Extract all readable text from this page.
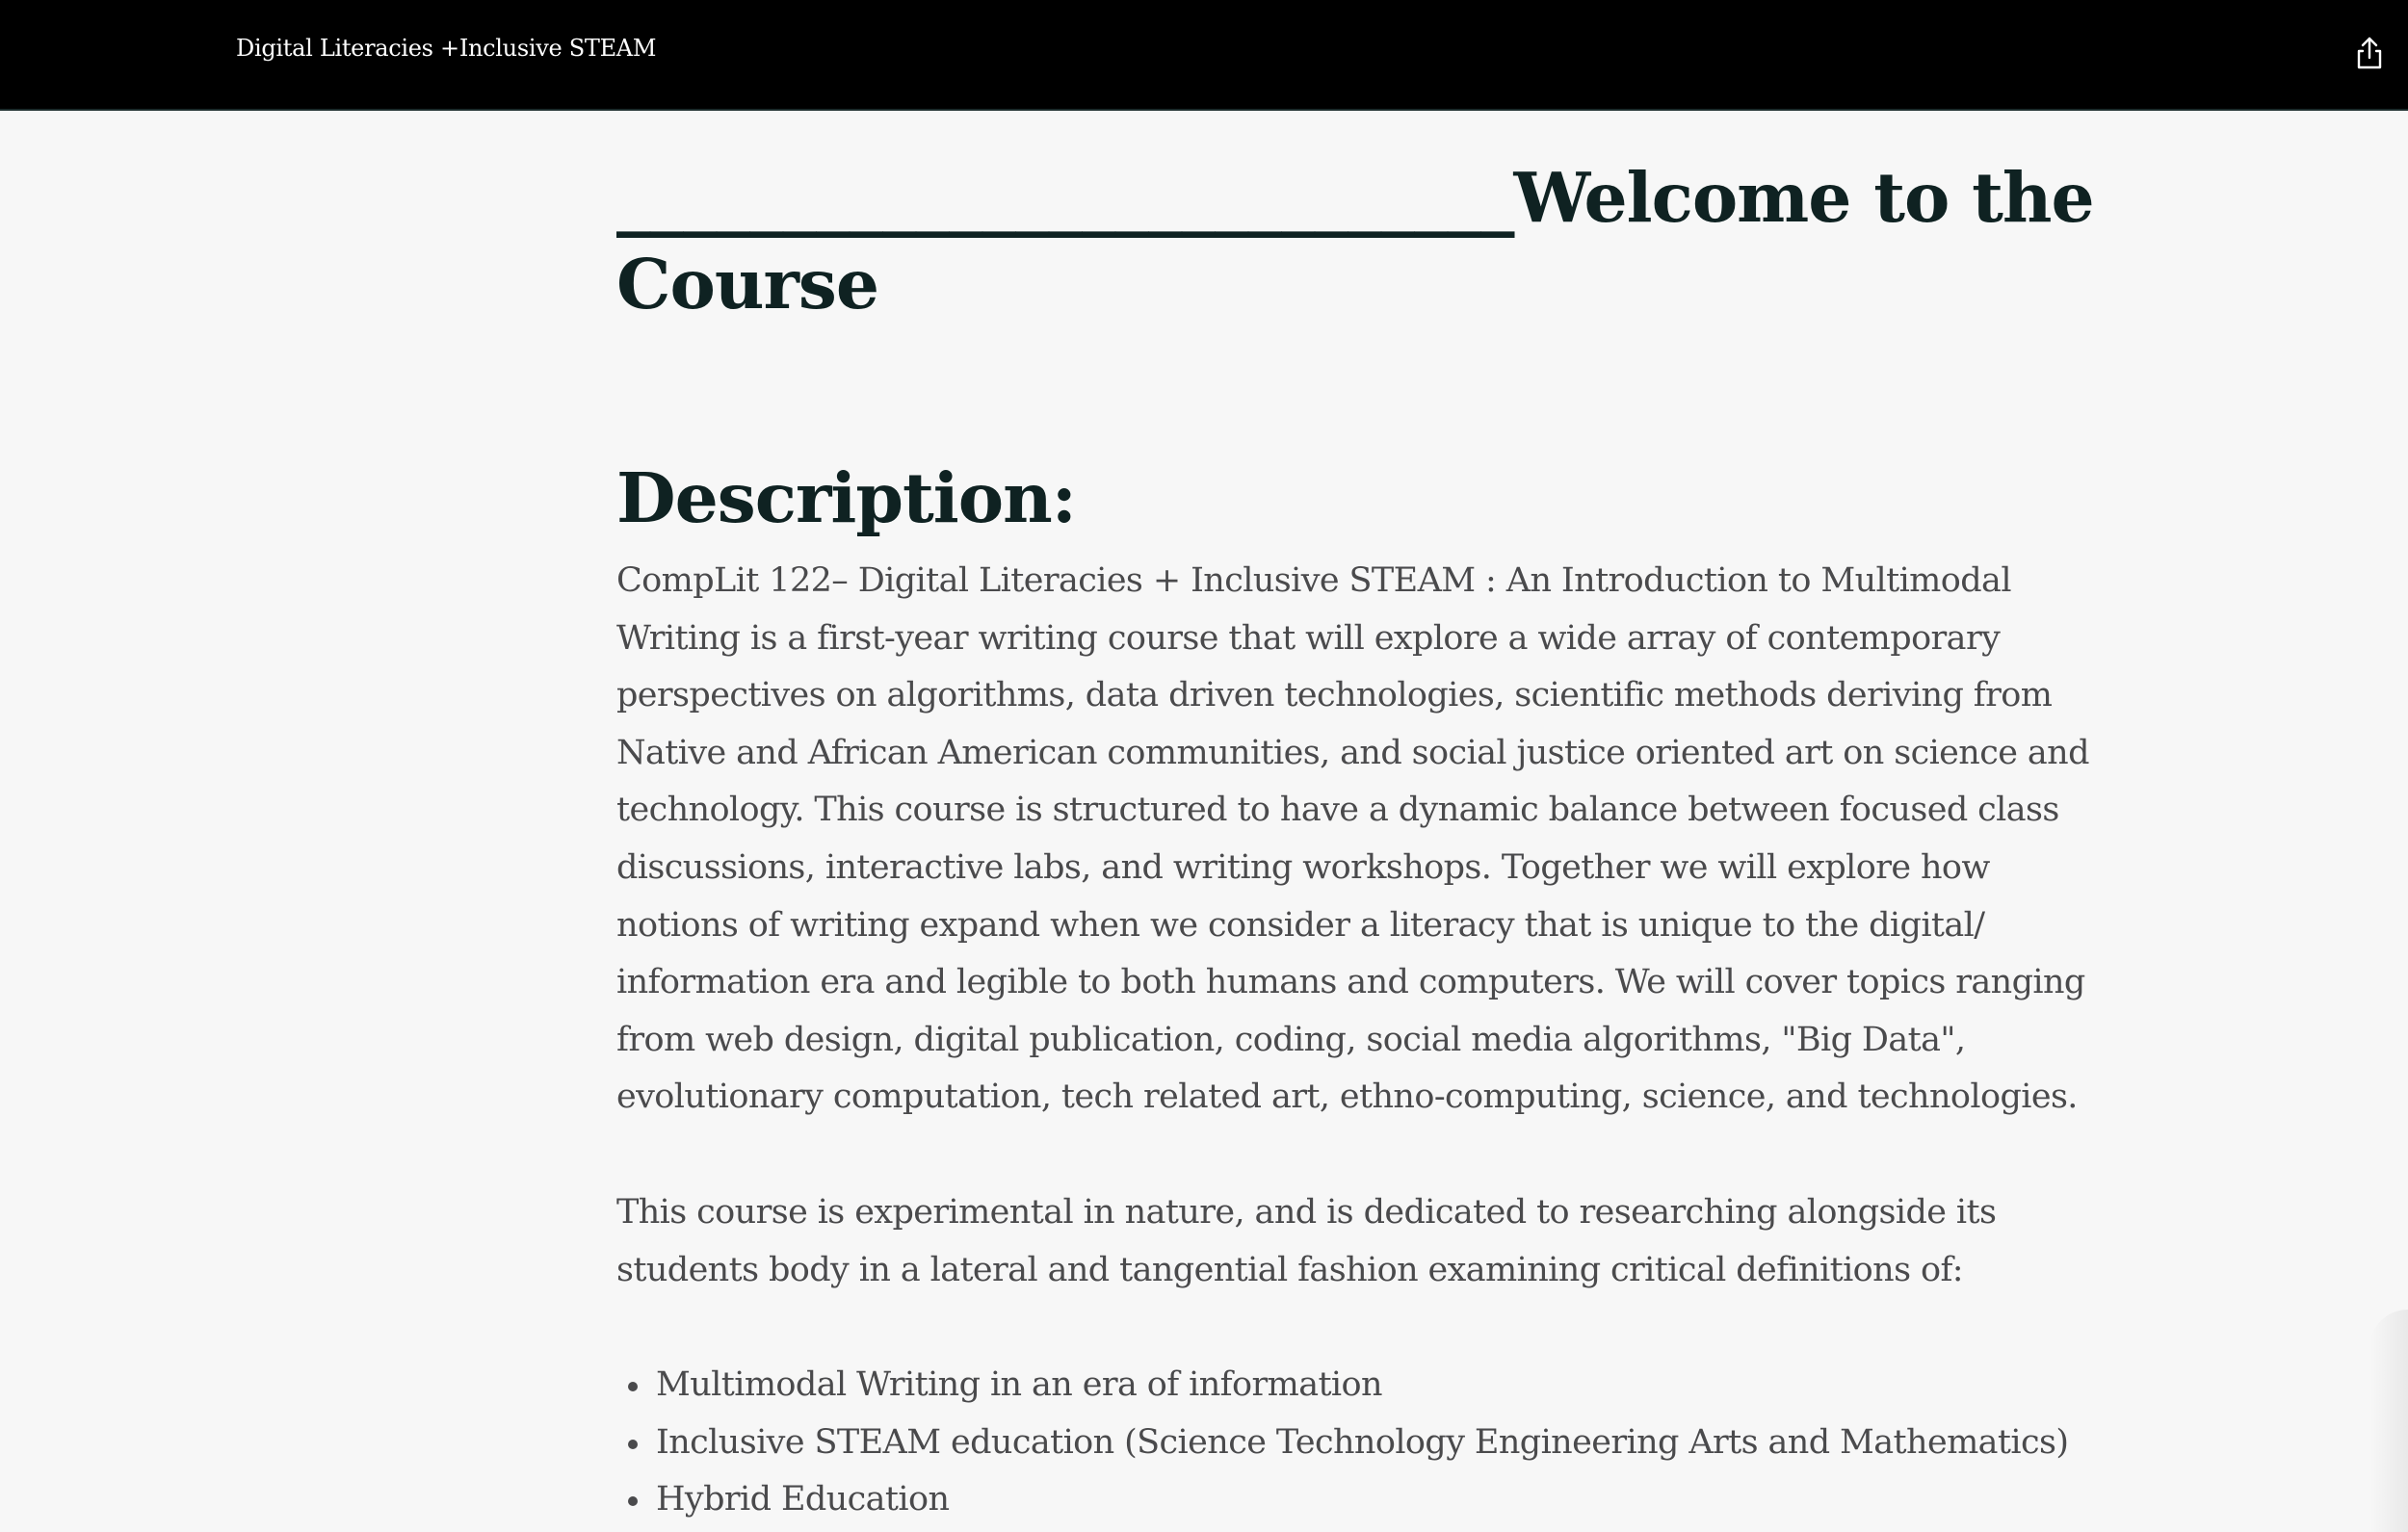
Digital Literacies +Inclusive STEAM
___________________________Welcome to the Course
Description:

CompLit 122– Digital Literacies + Inclusive STEAM : An Introduction to Multimodal Writing is a first-year writing course that will explore a wide array of contemporary perspectives on algorithms, data driven technologies, scientific methods deriving from Native and African American communities, and social justice oriented art on science and technology. This course is structured to have a dynamic balance between focused class discussions, interactive labs, and writing workshops. Together we will explore how notions of writing expand when we consider a literacy that is unique to the digital/ information era and legible to both humans and computers. We will cover topics ranging from web design, digital publication, coding, social media algorithms, "Big Data", evolutionary computation, tech related art, ethno-computing, science, and technologies.

This course is experimental in nature, and is dedicated to researching alongside its students body in a lateral and tangential fashion examining critical definitions of:

Multimodal Writing in an era of information
Inclusive STEAM education (Science Technology Engineering Arts and Mathematics)
Hybrid Education
